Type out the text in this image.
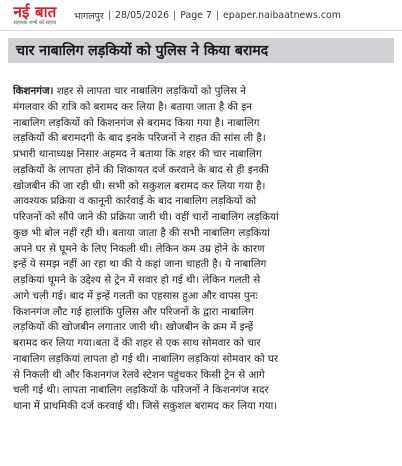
नई बात
सहायक सभी को सहारा
भागलपुर | 28/05/2026 | Page 7 | epaper.naibaatnews.com
चार नाबालिग लड़कियों को पुलिस ने किया बरामद
किशनगंज। शहर से लापता चार नाबालिग लड़कियों को पुलिस ने
मंगलवार की रात्रि को बरामद कर लिया है। बताया जाता है की इन
नाबालिग लड़कियों को किशनगंज से बरामद किया गया है। नाबालिग
लड़कियों की बरामदगी के बाद इनके परिजनों ने राहत की सांस ली है।
प्रभारी थानाध्यक्ष निसार अहमद ने बताया कि शहर की चार नाबालिग
लड़कियों के लापता होने की शिकायत दर्ज करवाने के बाद से ही इनकी
खोजबीन की जा रही थी। सभी को सकुशल बरामद कर लिया गया है।
आवश्यक प्रक्रिया व कानूनी कार्रवाई के बाद नाबालिग लड़कियों को
परिजनों को सौंपे जाने की प्रक्रिया जारी थी। वहीं चारों नाबालिग लड़कियां
कुछ भी बोल नहीं रही थी। बताया जाता है की सभी नाबालिग लड़कियां
अपने घर से घूमने के लिए निकली थी। लेकिन कम उम्र होने के कारण
इन्हें ये समझ नहीं आ रहा था की ये कहां जाना चाहती है। ये नाबालिग
लड़कियां घूमने के उद्देश्य से ट्रेन में सवार हो गई थी। लेकिन गलती से
आगे चली गई। बाद में इन्हें गलती का एहसास हुआ और वापस पुनः
किशनगंज लौट गई हालांकि पुलिस और परिजनों के द्वारा नाबालिग
लड़कियों की खोजबीन लगातार जारी थी। खोजबीन के क्रम में इन्हें
बरामद कर लिया गया।बता दें की शहर से एक साथ सोमवार को चार
नाबालिग लड़कियां लापता हो गई थी। नाबालिग लड़कियां सोमवार को घर
से निकली थी और किशनगंज रेलवे स्टेशन पहुंचकर किसी ट्रेन से आगे
चली गई थी। लापता नाबालिग लड़कियों के परिजनों ने किशनगंज सदर
थाना में प्राथमिकी दर्ज करवाई थी। जिसे सकुशल बरामद कर लिया गया।
